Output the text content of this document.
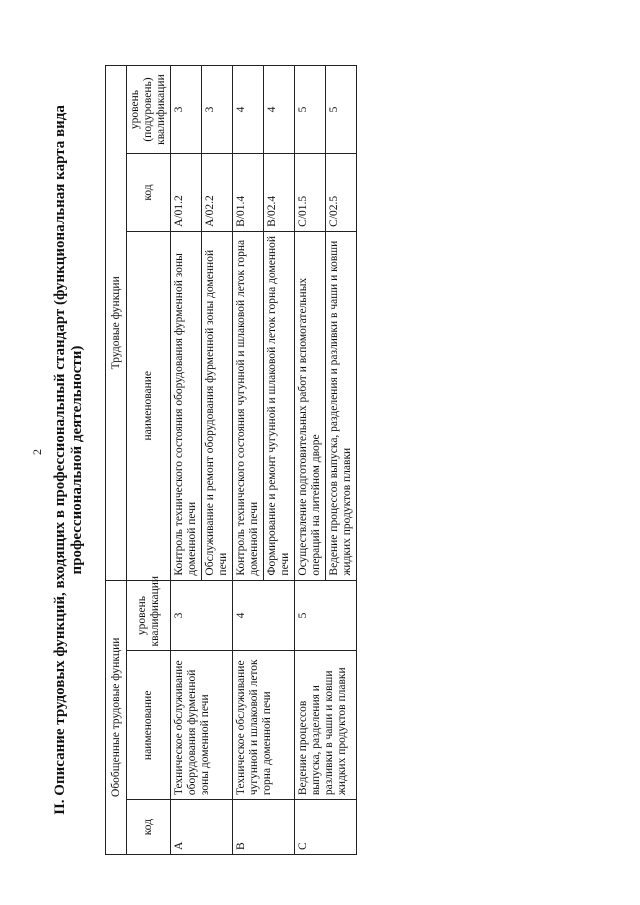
2 II. Описание трудовых функций, входящих в профессиональный стандарт (функциональная карта вида профессиональной деятельности)
Обобщенные трудовые функции			Трудовые функции		
код	наименование	уровень квалификации	наименование	код	уровень (подуровень) квалификации
A	Техническое обслуживание оборудования фурменной зоны доменной печи	3	Контроль технического состояния оборудования фурменной зоны доменной печи	A/01.2	3
			Обслуживание и ремонт оборудования фурменной зоны доменной печи	A/02.2	3
B	Техническое обслуживание чугунной и шлаковой леток горна доменной печи	4	Контроль технического состояния чугунной и шлаковой леток горна доменной печи	B/01.4	4
			Формирование и ремонт чугунной и шлаковой леток горна доменной печи	B/02.4	4
C	Ведение процессов выпуска, разделения и разливки в чаши и ковши жидких продуктов плавки	5	Осуществление подготовительных работ и вспомогательных операций на литейном дворе	C/01.5	5
			Ведение процессов выпуска, разделения и разливки в чаши и ковши жидких продуктов плавки	C/02.5	5
